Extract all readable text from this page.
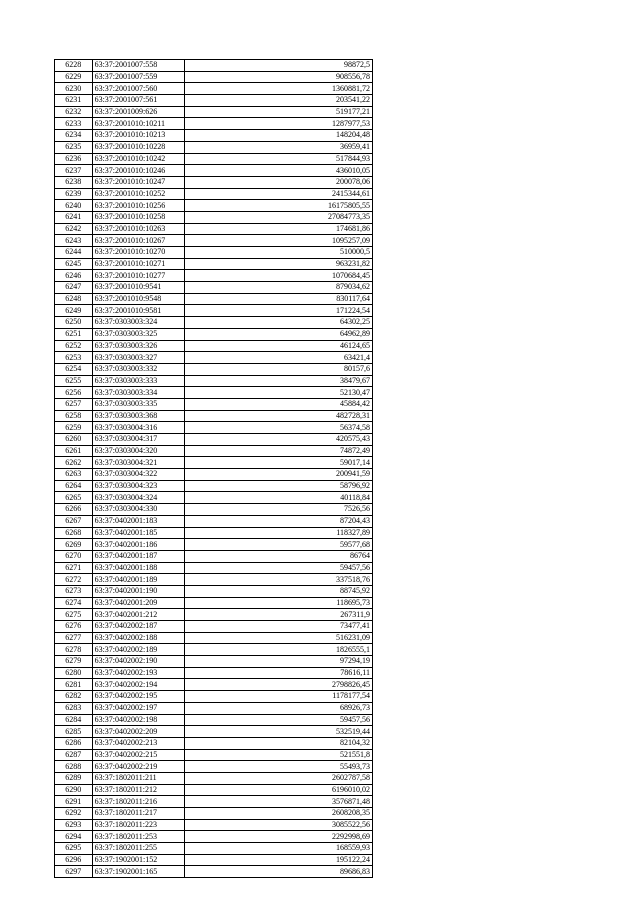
6228	63:37:2001007:558	98872,5
6229	63:37:2001007:559	908556,78
6230	63:37:2001007:560	1360881,72
6231	63:37:2001007:561	203541,22
6232	63:37:2001009:626	519177,21
6233	63:37:2001010:10211	1287977,53
6234	63:37:2001010:10213	148204,48
6235	63:37:2001010:10228	36959,41
6236	63:37:2001010:10242	517844,93
6237	63:37:2001010:10246	436010,05
6238	63:37:2001010:10247	200078,06
6239	63:37:2001010:10252	2415344,61
6240	63:37:2001010:10256	16175805,55
6241	63:37:2001010:10258	27084773,35
6242	63:37:2001010:10263	174681,86
6243	63:37:2001010:10267	1095257,09
6244	63:37:2001010:10270	510000,5
6245	63:37:2001010:10271	963231,82
6246	63:37:2001010:10277	1070684,45
6247	63:37:2001010:9541	879034,62
6248	63:37:2001010:9548	830117,64
6249	63:37:2001010:9581	171224,54
6250	63:37:0303003:324	64302,25
6251	63:37:0303003:325	64962,89
6252	63:37:0303003:326	46124,65
6253	63:37:0303003:327	63421,4
6254	63:37:0303003:332	80157,6
6255	63:37:0303003:333	38479,67
6256	63:37:0303003:334	52130,47
6257	63:37:0303003:335	45884,42
6258	63:37:0303003:368	482728,31
6259	63:37:0303004:316	56374,58
6260	63:37:0303004:317	420575,43
6261	63:37:0303004:320	74872,49
6262	63:37:0303004:321	59017,14
6263	63:37:0303004:322	200941,59
6264	63:37:0303004:323	58796,92
6265	63:37:0303004:324	40118,84
6266	63:37:0303004:330	7526,56
6267	63:37:0402001:183	87204,43
6268	63:37:0402001:185	118327,89
6269	63:37:0402001:186	59577,68
6270	63:37:0402001:187	86764
6271	63:37:0402001:188	59457,56
6272	63:37:0402001:189	337518,76
6273	63:37:0402001:190	88745,92
6274	63:37:0402001:209	118695,73
6275	63:37:0402001:212	267311,9
6276	63:37:0402002:187	73477,41
6277	63:37:0402002:188	516231,09
6278	63:37:0402002:189	1826555,1
6279	63:37:0402002:190	97294,19
6280	63:37:0402002:193	78616,11
6281	63:37:0402002:194	2798826,45
6282	63:37:0402002:195	1178177,54
6283	63:37:0402002:197	68926,73
6284	63:37:0402002:198	59457,56
6285	63:37:0402002:209	532519,44
6286	63:37:0402002:213	82104,32
6287	63:37:0402002:215	521551,8
6288	63:37:0402002:219	55493,73
6289	63:37:1802011:211	2602787,58
6290	63:37:1802011:212	6196010,02
6291	63:37:1802011:216	3576871,48
6292	63:37:1802011:217	2608208,35
6293	63:37:1802011:223	3085522,56
6294	63:37:1802011:253	2292998,69
6295	63:37:1802011:255	168559,93
6296	63:37:1902001:152	195122,24
6297	63:37:1902001:165	89686,83
